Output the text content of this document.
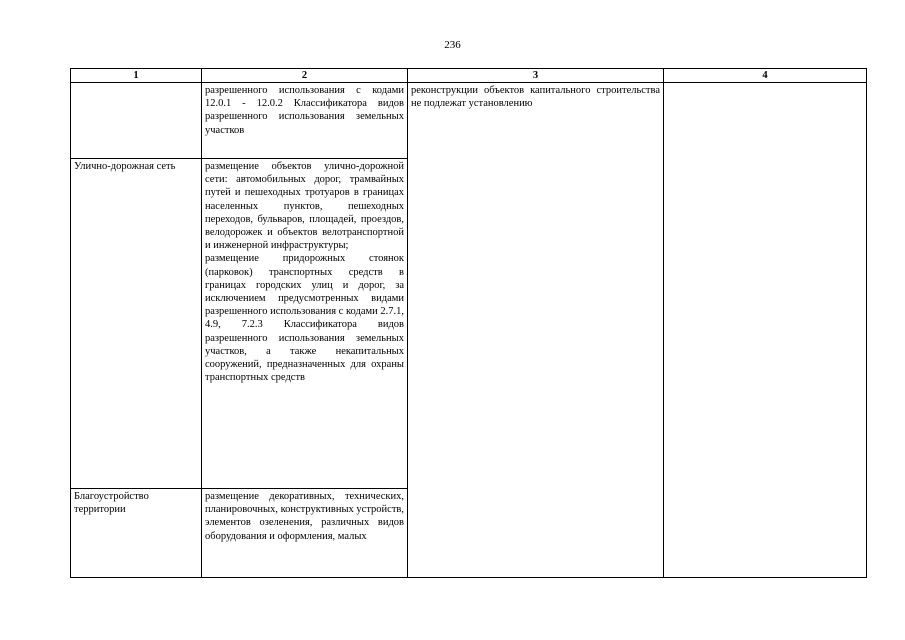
236
1	2	3	4
	разрешенного использования с кодами 12.0.1 - 12.0.2 Классификатора видов разрешенного использования земельных участков	реконструкции объектов капитального строительства не подлежат установлению	
Улично-дорожная сеть	размещение объектов улично-дорожной сети: автомобильных дорог, трамвайных путей и пешеходных тротуаров в границах населенных пунктов, пешеходных переходов, бульваров, площадей, проездов, велодорожек и объектов велотранспортной и инженерной инфраструктуры;
размещение придорожных стоянок (парковок) транспортных средств в границах городских улиц и дорог, за исключением предусмотренных видами разрешенного использования с кодами 2.7.1, 4.9, 7.2.3 Классификатора видов разрешенного использования земельных участков, а также некапитальных сооружений, предназначенных для охраны транспортных средств		

Благоустройство территории	размещение декоративных, технических, планировочных, конструктивных устройств, элементов озеленения, различных видов оборудования и оформления, малых		
